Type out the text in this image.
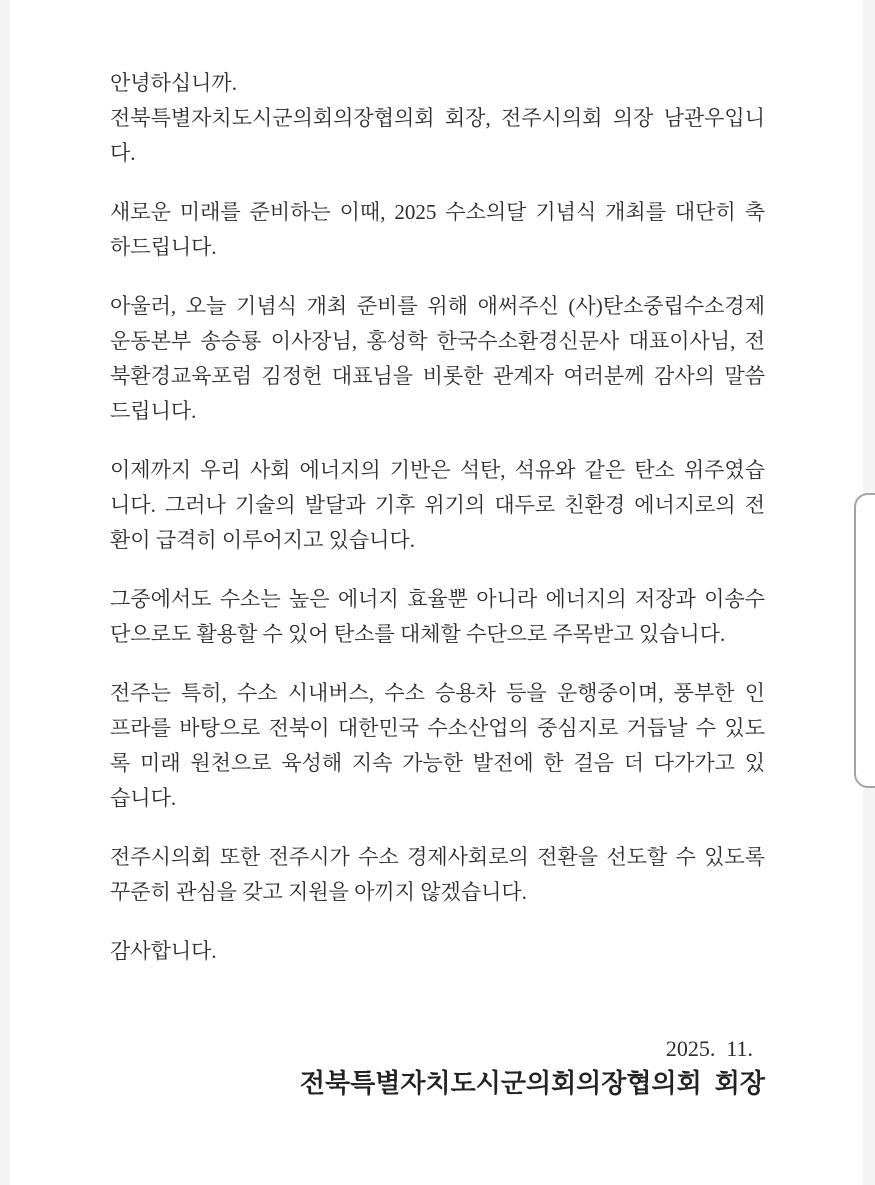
안녕하십니까.
전북특별자치도시군의회의장협의회 회장, 전주시의회 의장 남관우입니
다.
새로운 미래를 준비하는 이때, 2025 수소의달 기념식 개최를 대단히 축
하드립니다.
아울러, 오늘 기념식 개최 준비를 위해 애써주신 (사)탄소중립수소경제
운동본부 송승룡 이사장님, 홍성학 한국수소환경신문사 대표이사님, 전
북환경교육포럼 김정헌 대표님을 비롯한 관계자 여러분께 감사의 말씀
드립니다.
이제까지 우리 사회 에너지의 기반은 석탄, 석유와 같은 탄소 위주였습
니다. 그러나 기술의 발달과 기후 위기의 대두로 친환경 에너지로의 전
환이 급격히 이루어지고 있습니다.
그중에서도 수소는 높은 에너지 효율뿐 아니라 에너지의 저장과 이송수
단으로도 활용할 수 있어 탄소를 대체할 수단으로 주목받고 있습니다.
전주는 특히, 수소 시내버스, 수소 승용차 등을 운행중이며, 풍부한 인
프라를 바탕으로 전북이 대한민국 수소산업의 중심지로 거듭날 수 있도
록 미래 원천으로 육성해 지속 가능한 발전에 한 걸음 더 다가가고 있
습니다.
전주시의회 또한 전주시가 수소 경제사회로의 전환을 선도할 수 있도록
꾸준히 관심을 갖고 지원을 아끼지 않겠습니다.
감사합니다.
2025.  11.
전북특별자치도시군의회의장협의회  회장
